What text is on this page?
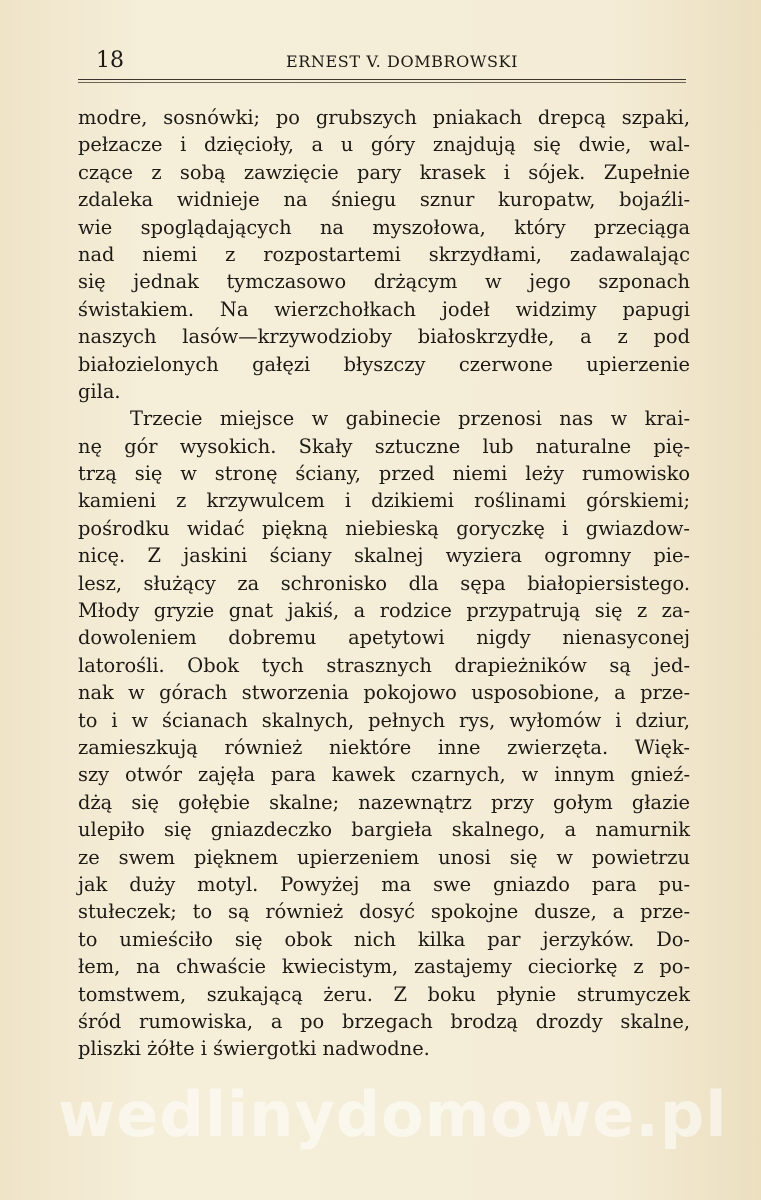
18	ERNEST V. DOMBROWSKI
modre, sosnówki; po grubszych pniakach drepcą szpaki,
pełzacze i dzięcioły, a u góry znajdują się dwie, wal-
czące z sobą zawzięcie pary krasek i sójek. Zupełnie
zdaleka widnieje na śniegu sznur kuropatw, bojaźli-
wie spoglądających na myszołowa, który przeciąga
nad niemi z rozpostartemi skrzydłami, zadawalając
się jednak tymczasowo drżącym w jego szponach
świstakiem. Na wierzchołkach jodeł widzimy papugi
naszych lasów—krzywodzioby białoskrzydłe, a z pod
białozielonych gałęzi błyszczy czerwone upierzenie
gila.
Trzecie miejsce w gabinecie przenosi nas w krai-
nę gór wysokich. Skały sztuczne lub naturalne pię-
trzą się w stronę ściany, przed niemi leży rumowisko
kamieni z krzywulcem i dzikiemi roślinami górskiemi;
pośrodku widać piękną niebieską goryczkę i gwiazdow-
nicę. Z jaskini ściany skalnej wyziera ogromny pie-
lesz, służący za schronisko dla sępa białopiersistego.
Młody gryzie gnat jakiś, a rodzice przypatrują się z za-
dowoleniem dobremu apetytowi nigdy nienasyconej
latorośli. Obok tych strasznych drapieżników są jed-
nak w górach stworzenia pokojowo usposobione, a prze-
to i w ścianach skalnych, pełnych rys, wyłomów i dziur,
zamieszkują również niektóre inne zwierzęta. Więk-
szy otwór zajęła para kawek czarnych, w innym gnieź-
dżą się gołębie skalne; nazewnątrz przy gołym głazie
ulepiło się gniazdeczko bargieła skalnego, a namurnik
ze swem pięknem upierzeniem unosi się w powietrzu
jak duży motyl. Powyżej ma swe gniazdo para pu-
stułeczek; to są również dosyć spokojne dusze, a prze-
to umieściło się obok nich kilka par jerzyków. Do-
łem, na chwaście kwiecistym, zastajemy cieciorkę z po-
tomstwem, szukającą żeru. Z boku płynie strumyczek
śród rumowiska, a po brzegach brodzą drozdy skalne,
pliszki żółte i świergotki nadwodne.
wedlinydomowe.pl
